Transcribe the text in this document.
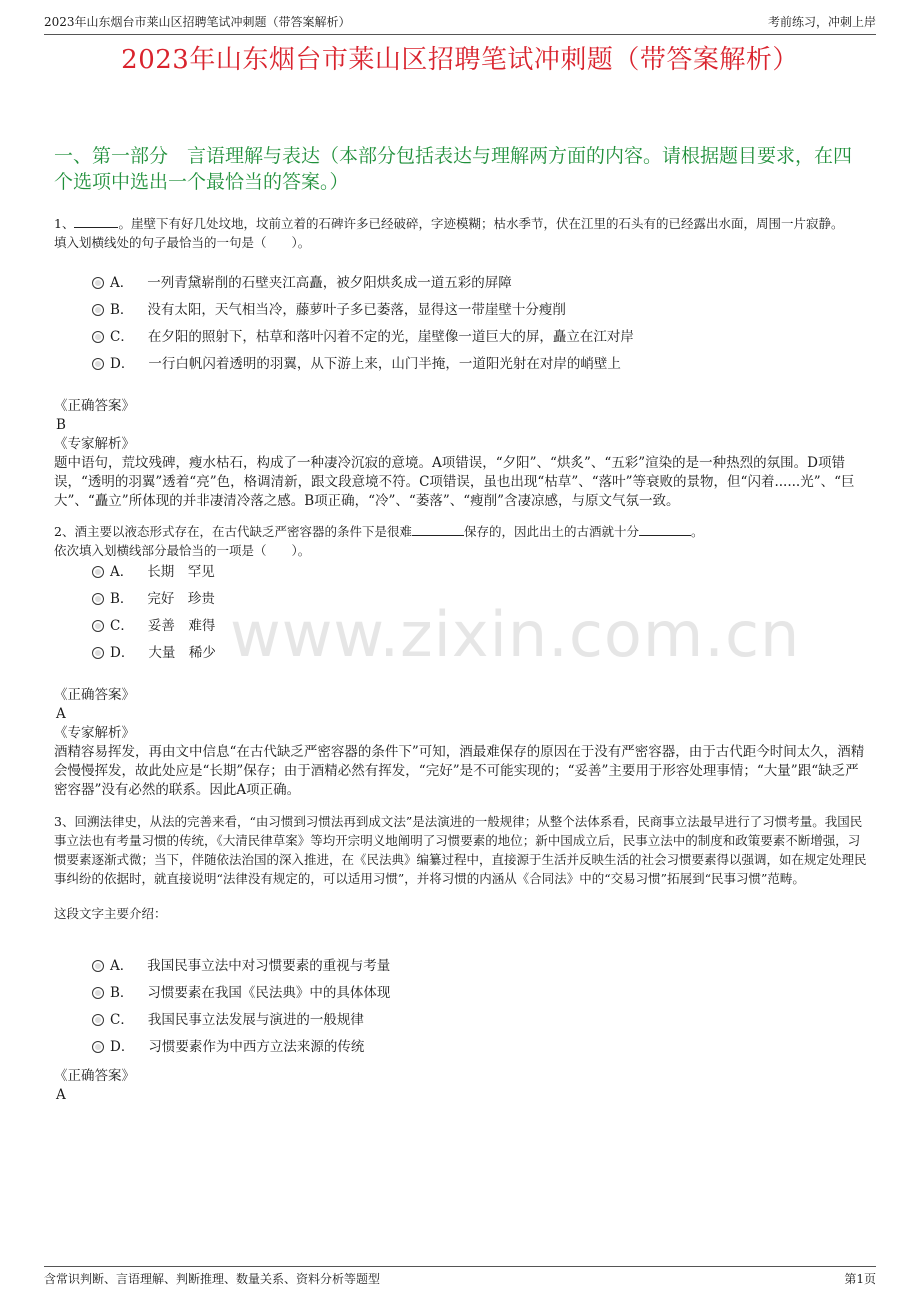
2023年山东烟台市莱山区招聘笔试冲刺题（带答案解析）	考前练习，冲刺上岸
2023年山东烟台市莱山区招聘笔试冲刺题（带答案解析）
一、第一部分　言语理解与表达（本部分包括表达与理解两方面的内容。请根据题目要求，在四个选项中选出一个最恰当的答案。）
www.zixin.com.cn

1、	。崖壁下有好几处坟地，坟前立着的石碑许多已经破碎，字迹模糊；枯水季节，伏在江里的石头有的已经露出水面，周围一片寂静。

填入划横线处的句子最恰当的一句是（　　）。

A． 一列青黛崭削的石壁夹江高矗，被夕阳烘炙成一道五彩的屏障
B． 没有太阳，天气相当冷，藤萝叶子多已萎落，显得这一带崖壁十分瘦削
C． 在夕阳的照射下，枯草和落叶闪着不定的光，崖壁像一道巨大的屏，矗立在江对岸
D． 一行白帆闪着透明的羽翼，从下游上来，山门半掩，一道阳光射在对岸的峭壁上

《正确答案》

B

《专家解析》

题中语句，荒坟残碑，瘦水枯石，构成了一种凄冷沉寂的意境。A项错误，“夕阳”、“烘炙”、“五彩”渲染的是一种热烈的氛围。D项错误，“透明的羽翼”透着“亮”色，格调清新，跟文段意境不符。C项错误，虽也出现“枯草”、“落叶”等衰败的景物，但“闪着......光”、“巨大”、“矗立”所体现的并非凄清冷落之感。B项正确，“冷”、“萎落”、“瘦削”含凄凉感，与原文气氛一致。

2、酒主要以液态形式存在，在古代缺乏严密容器的条件下是很难	保存的，因此出土的古酒就十分	。

依次填入划横线部分最恰当的一项是（　　）。

A． 长期　罕见
B． 完好　珍贵
C． 妥善　难得
D． 大量　稀少

《正确答案》

A

《专家解析》

酒精容易挥发，再由文中信息“在古代缺乏严密容器的条件下”可知，酒最难保存的原因在于没有严密容器，由于古代距今时间太久，酒精会慢慢挥发，故此处应是“长期”保存；由于酒精必然有挥发，“完好”是不可能实现的；“妥善”主要用于形容处理事情；“大量”跟“缺乏严密容器”没有必然的联系。因此A项正确。

3、回溯法律史，从法的完善来看，“由习惯到习惯法再到成文法”是法演进的一般规律；从整个法体系看，民商事立法最早进行了习惯考量。我国民事立法也有考量习惯的传统，《大清民律草案》等均开宗明义地阐明了习惯要素的地位；新中国成立后，民事立法中的制度和政策要素不断增强，习惯要素逐渐式微；当下，伴随依法治国的深入推进，在《民法典》编纂过程中，直接源于生活并反映生活的社会习惯要素得以强调，如在规定处理民事纠纷的依据时，就直接说明“法律没有规定的，可以适用习惯”，并将习惯的内涵从《合同法》中的“交易习惯”拓展到“民事习惯”范畴。

这段文字主要介绍：

A． 我国民事立法中对习惯要素的重视与考量
B． 习惯要素在我国《民法典》中的具体体现
C． 我国民事立法发展与演进的一般规律
D． 习惯要素作为中西方立法来源的传统

《正确答案》

A

含常识判断、言语理解、判断推理、数量关系、资料分析等题型	第1页
